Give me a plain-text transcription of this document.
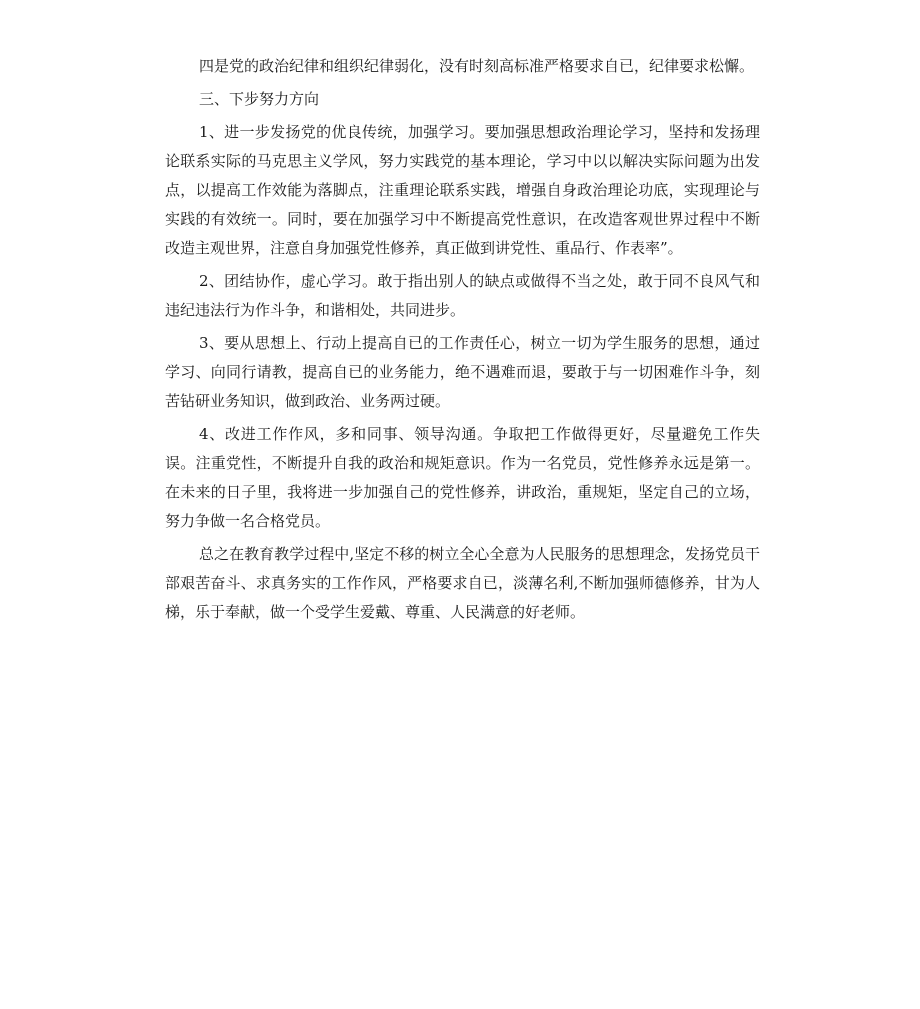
四是党的政治纪律和组织纪律弱化，没有时刻高标准严格要求自已，纪律要求松懈。

三、下步努力方向

1、进一步发扬党的优良传统，加强学习。要加强思想政治理论学习，坚持和发扬理论联系实际的马克思主义学风，努力实践党的基本理论，学习中以以解决实际问题为出发点，以提高工作效能为落脚点，注重理论联系实践，增强自身政治理论功底，实现理论与实践的有效统一。同时，要在加强学习中不断提高党性意识，在改造客观世界过程中不断改造主观世界，注意自身加强党性修养，真正做到讲党性、重品行、作表率”。

2、团结协作，虚心学习。敢于指出别人的缺点或做得不当之处，敢于同不良风气和违纪违法行为作斗争，和谐相处，共同进步。

3、要从思想上、行动上提高自已的工作责任心，树立一切为学生服务的思想，通过学习、向同行请教，提高自已的业务能力，绝不遇难而退，要敢于与一切困难作斗争，刻苦钻研业务知识，做到政治、业务两过硬。

4、改进工作作风，多和同事、领导沟通。争取把工作做得更好，尽量避免工作失误。注重党性，不断提升自我的政治和规矩意识。作为一名党员，党性修养永远是第一。在未来的日子里，我将进一步加强自己的党性修养，讲政治，重规矩，坚定自己的立场，努力争做一名合格党员。

总之在教育教学过程中,坚定不移的树立全心全意为人民服务的思想理念，发扬党员干部艰苦奋斗、求真务实的工作作风，严格要求自已，淡薄名利,不断加强师德修养，甘为人梯，乐于奉献，做一个受学生爱戴、尊重、人民满意的好老师。
